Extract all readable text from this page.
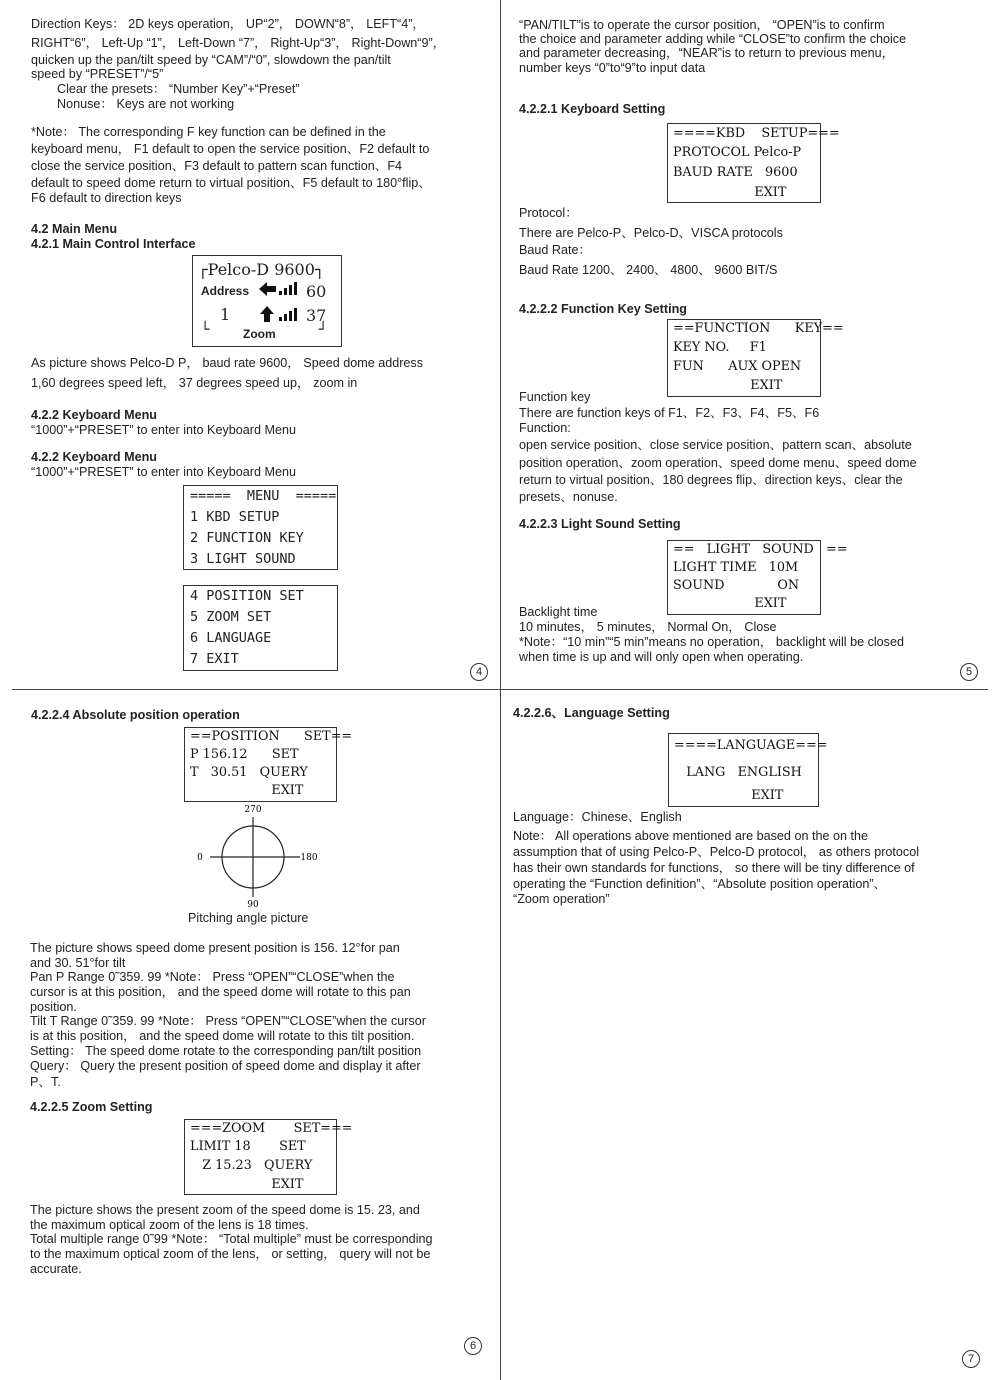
Direction Keys： 2D keys operation， UP“2”， DOWN“8”， LEFT“4”，
RIGHT“6”， Left-Up “1”， Left-Down “7”， Right-Up“3”， Right-Down“9”，
quicken up the pan/tilt speed by “CAM”/“0”, slowdown the pan/tilt
speed by “PRESET”/“5”
Clear the presets： “Number Key”+“Preset”
Nonuse： Keys are not working
*Note： The corresponding F key function can be defined in the
keyboard menu， F1 default to open the service position、F2 default to
close the service position、F3 default to pattern scan function、F4
default to speed dome return to virtual position、F5 default to 180°flip、
F6 default to direction keys
4.2 Main Menu
4.2.1 Main Control Interface
┌Pelco-D 9600┐
Address
1
60
37
└	┘
Zoom
As picture shows Pelco-D P， baud rate 9600， Speed dome address
1,60 degrees speed left， 37 degrees speed up， zoom in
4.2.2 Keyboard Menu
“1000”+“PRESET” to enter into Keyboard Menu
4.2.2 Keyboard Menu
“1000”+“PRESET” to enter into Keyboard Menu
=====  MENU  =====
1 KBD SETUP
2 FUNCTION KEY
3 LIGHT SOUND
4 POSITION SET
5 ZOOM SET
6 LANGUAGE
7 EXIT
4
“PAN/TILT”is to operate the cursor position， “OPEN”is to confirm
the choice and parameter adding while “CLOSE”to confirm the choice
and parameter decreasing，“NEAR”is to return to previous menu，
number keys “0”to“9”to input data
4.2.2.1 Keyboard Setting
====KBD    SETUP===
PROTOCOL Pelco-P
BAUD RATE   9600
EXIT
Protocol：
There are Pelco-P、Pelco-D、VISCA protocols
Baud Rate：
Baud Rate 1200、 2400、 4800、 9600 BIT/S
4.2.2.2 Function Key Setting
==FUNCTION      KEY==
KEY NO.     F1
FUN      AUX OPEN
EXIT
Function key
There are function keys of F1、F2、F3、F4、F5、F6
Function:
open service position、close service position、pattern scan、absolute
position operation、zoom operation、speed dome menu、speed dome
return to virtual position、180 degrees flip、direction keys、clear the
presets、nonuse.
4.2.2.3 Light Sound Setting
==   LIGHT   SOUND   ==
LIGHT TIME   10M
SOUND             ON
EXIT
Backlight time
10 minutes， 5 minutes， Normal On， Close
*Note：“10 min”“5 min”means no operation， backlight will be closed
when time is up and will only open when operating.
5
4.2.2.4 Absolute position operation
==POSITION      SET==
P 156.12      SET
T   30.51   QUERY
EXIT
270
0	180
90
Pitching angle picture
The picture shows speed dome present position is 156. 12°for pan
and 30. 51°for tilt
Pan P Range 0˜359. 99 *Note： Press “OPEN”“CLOSE”when the
cursor is at this position， and the speed dome will rotate to this pan
position.
Tilt T Range 0˜359. 99 *Note： Press “OPEN”“CLOSE”when the cursor
is at this position， and the speed dome will rotate to this tilt position.
Setting： The speed dome rotate to the corresponding pan/tilt position
Query： Query the present position of speed dome and display it after
P、T.
4.2.2.5 Zoom Setting
===ZOOM       SET===
LIMIT 18       SET
Z 15.23   QUERY
EXIT
The picture shows the present zoom of the speed dome is 15. 23, and
the maximum optical zoom of the lens is 18 times.
Total multiple range 0˜99 *Note： “Total multiple” must be corresponding
to the maximum optical zoom of the lens， or setting， query will not be
accurate.
6
4.2.2.6、Language Setting
====LANGUAGE===
LANG   ENGLISH
EXIT
Language：Chinese、English
Note： All operations above mentioned are based on the on the
assumption that of using Pelco-P、Pelco-D protocol， as others protocol
has their own standards for functions， so there will be tiny difference of
operating the “Function definition”、“Absolute position operation”、
“Zoom operation”
7
